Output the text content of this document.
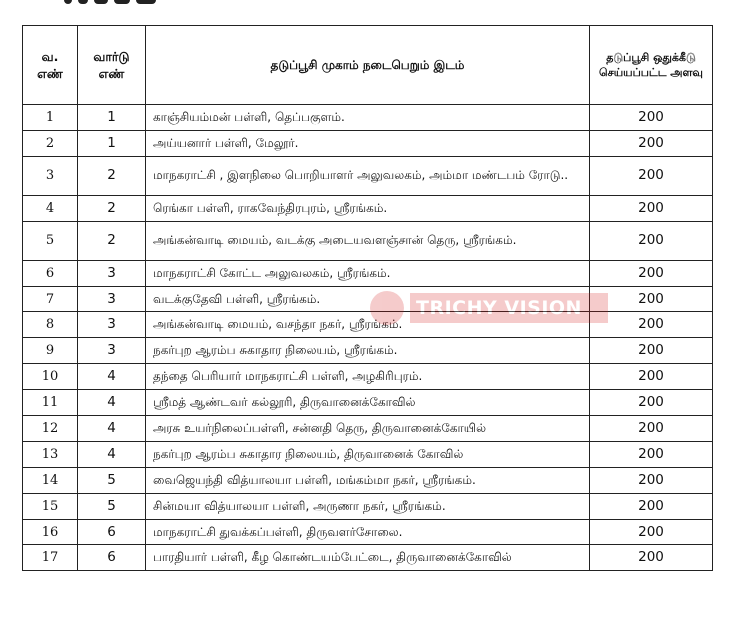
வ. எண்	வார்டு எண்	தடுப்பூசி முகாம் நடைபெறும் இடம்	தடுப்பூசி ஒதுக்கீடு செய்யப்பட்ட அளவு
1	1	காஞ்சியம்மன் பள்ளி, தெப்பகுளம்.	200
2	1	அய்யனார் பள்ளி, மேலூர்.	200
3	2	மாநகராட்சி , இளநிலை பொறியாளர் அலுவலகம், அம்மா மண்டபம் ரோடு..	200
4	2	ரெங்கா பள்ளி, ராகவேந்திரபுரம், ஸ்ரீரங்கம்.	200
5	2	அங்கன்வாடி மையம், வடக்கு அடையவளஞ்சான் தெரு, ஸ்ரீரங்கம்.	200
6	3	மாநகராட்சி கோட்ட அலுவலகம், ஸ்ரீரங்கம்.	200
7	3	வடக்குதேவி பள்ளி, ஸ்ரீரங்கம்.	200
8	3	அங்கன்வாடி மையம், வசந்தா நகர், ஸ்ரீரங்கம்.	200
9	3	நகர்புற ஆரம்ப சுகாதார நிலையம், ஸ்ரீரங்கம்.	200
10	4	தந்தை பெரியார் மாநகராட்சி பள்ளி, அழகிரிபுரம்.	200
11	4	ஸ்ரீமத் ஆண்டவர் கல்லூரி, திருவானைக்கோவில்	200
12	4	அரசு உயர்நிலைப்பள்ளி, சன்னதி தெரு, திருவானைக்கோயில்	200
13	4	நகர்புற ஆரம்ப சுகாதார நிலையம், திருவானைக் கோவில்	200
14	5	வைஜெயந்தி வித்யாலயா பள்ளி, மங்கம்மா நகர், ஸ்ரீரங்கம்.	200
15	5	சின்மயா வித்யாலயா பள்ளி, அருணா நகர், ஸ்ரீரங்கம்.	200
16	6	மாநகராட்சி துவக்கப்பள்ளி, திருவளர்சோலை.	200
17	6	பாரதியார் பள்ளி, கீழ கொண்டயம்பேட்டை, திருவானைக்கோவில்	200
TRICHY VISION
